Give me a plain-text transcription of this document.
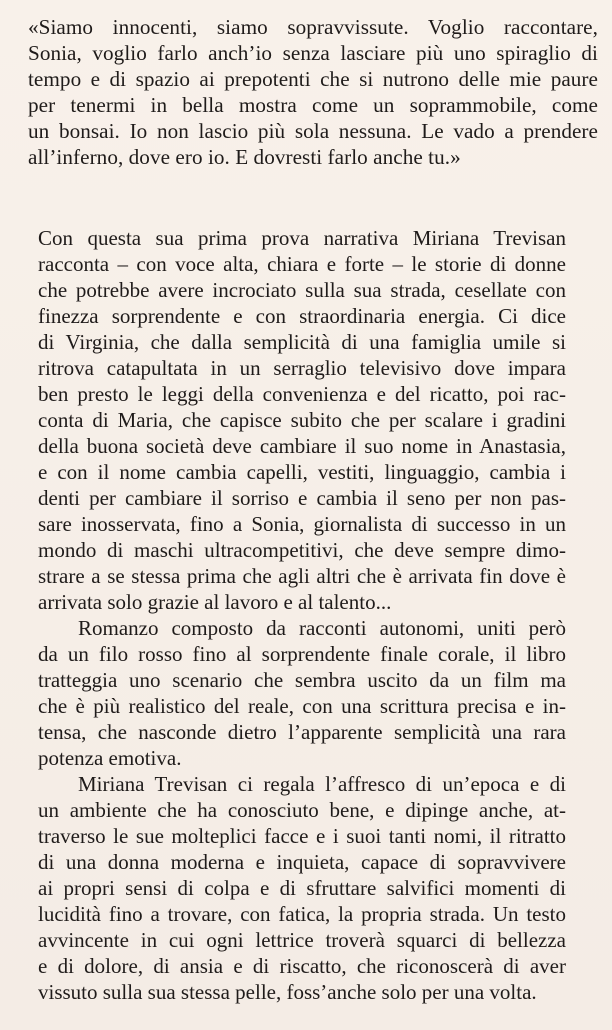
«Siamo innocenti, siamo sopravvissute. Voglio raccontare,
Sonia, voglio farlo anch’io senza lasciare più uno spiraglio di
tempo e di spazio ai prepotenti che si nutrono delle mie paure
per tenermi in bella mostra come un soprammobile, come
un bonsai. Io non lascio più sola nessuna. Le vado a prendere
all’inferno, dove ero io. E dovresti farlo anche tu.»
Con questa sua prima prova narrativa Miriana Trevisan
racconta – con voce alta, chiara e forte – le storie di donne
che potrebbe avere incrociato sulla sua strada, cesellate con
finezza sorprendente e con straordinaria energia. Ci dice
di Virginia, che dalla semplicità di una famiglia umile si
ritrova catapultata in un serraglio televisivo dove impara
ben presto le leggi della convenienza e del ricatto, poi rac-
conta di Maria, che capisce subito che per scalare i gradini
della buona società deve cambiare il suo nome in Anastasia,
e con il nome cambia capelli, vestiti, linguaggio, cambia i
denti per cambiare il sorriso e cambia il seno per non pas-
sare inosservata, fino a Sonia, giornalista di successo in un
mondo di maschi ultracompetitivi, che deve sempre dimo-
strare a se stessa prima che agli altri che è arrivata fin dove è
arrivata solo grazie al lavoro e al talento...
Romanzo composto da racconti autonomi, uniti però
da un filo rosso fino al sorprendente finale corale, il libro
tratteggia uno scenario che sembra uscito da un film ma
che è più realistico del reale, con una scrittura precisa e in-
tensa, che nasconde dietro l’apparente semplicità una rara
potenza emotiva.
Miriana Trevisan ci regala l’affresco di un’epoca e di
un ambiente che ha conosciuto bene, e dipinge anche, at-
traverso le sue molteplici facce e i suoi tanti nomi, il ritratto
di una donna moderna e inquieta, capace di sopravvivere
ai propri sensi di colpa e di sfruttare salvifici momenti di
lucidità fino a trovare, con fatica, la propria strada. Un testo
avvincente in cui ogni lettrice troverà squarci di bellezza
e di dolore, di ansia e di riscatto, che riconoscerà di aver
vissuto sulla sua stessa pelle, foss’anche solo per una volta.
